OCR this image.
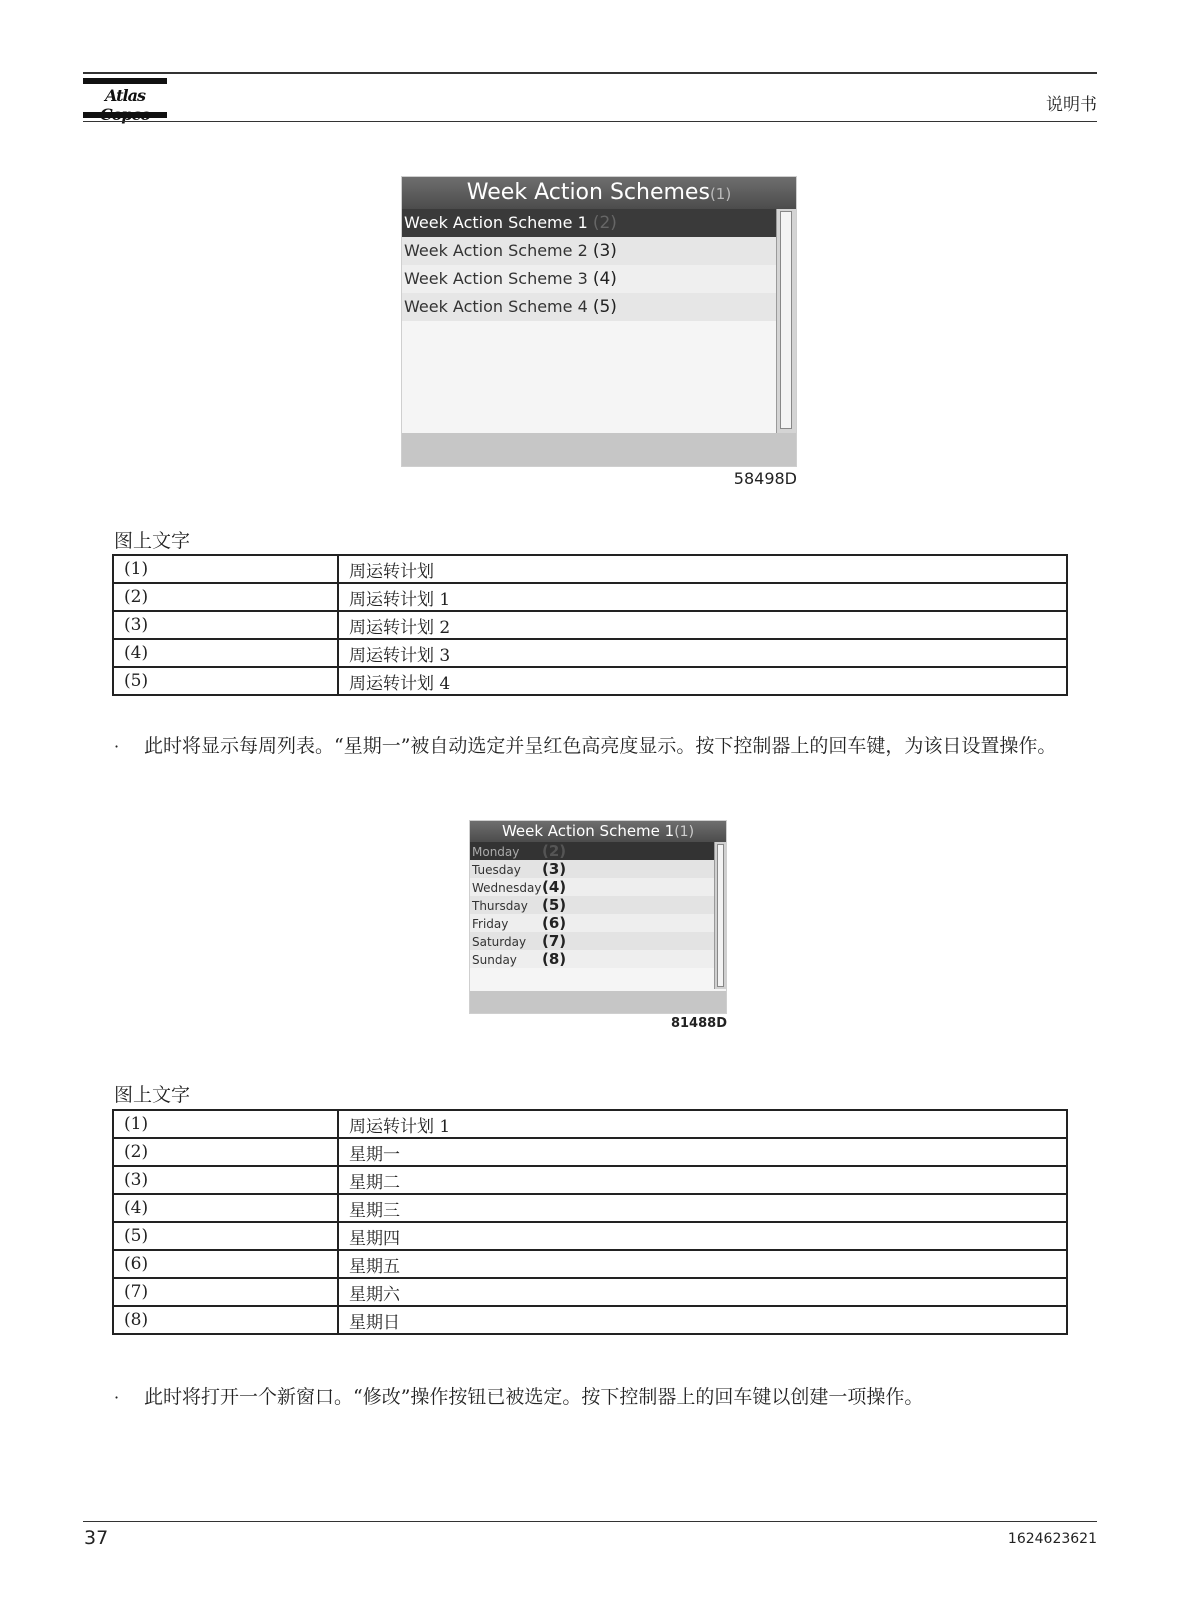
Atlas	说明书
Week Action Schemes(1)
Week Action Scheme 1 (2)
Week Action Scheme 2 (3)
Week Action Scheme 3 (4)
Week Action Scheme 4 (5)
58498D
图上文字
(1)	周运转计划
(2)	周运转计划 1
(3)	周运转计划 2
(4)	周运转计划 3
(5)	周运转计划 4
· 此时将显示每周列表。“星期一”被自动选定并呈红色高亮度显示。按下控制器上的回车键，为该日设置操作。
Week Action Scheme 1(1)
Monday (2)
Tuesday (3)
Wednesday(4)
Thursday (5)
Friday (6)
Saturday (7)
Sunday (8)
81488D
图上文字
(1)	周运转计划 1
(2)	星期一
(3)	星期二
(4)	星期三
(5)	星期四
(6)	星期五
(7)	星期六
(8)	星期日
· 此时将打开一个新窗口。“修改”操作按钮已被选定。按下控制器上的回车键以创建一项操作。
37	1624623621
